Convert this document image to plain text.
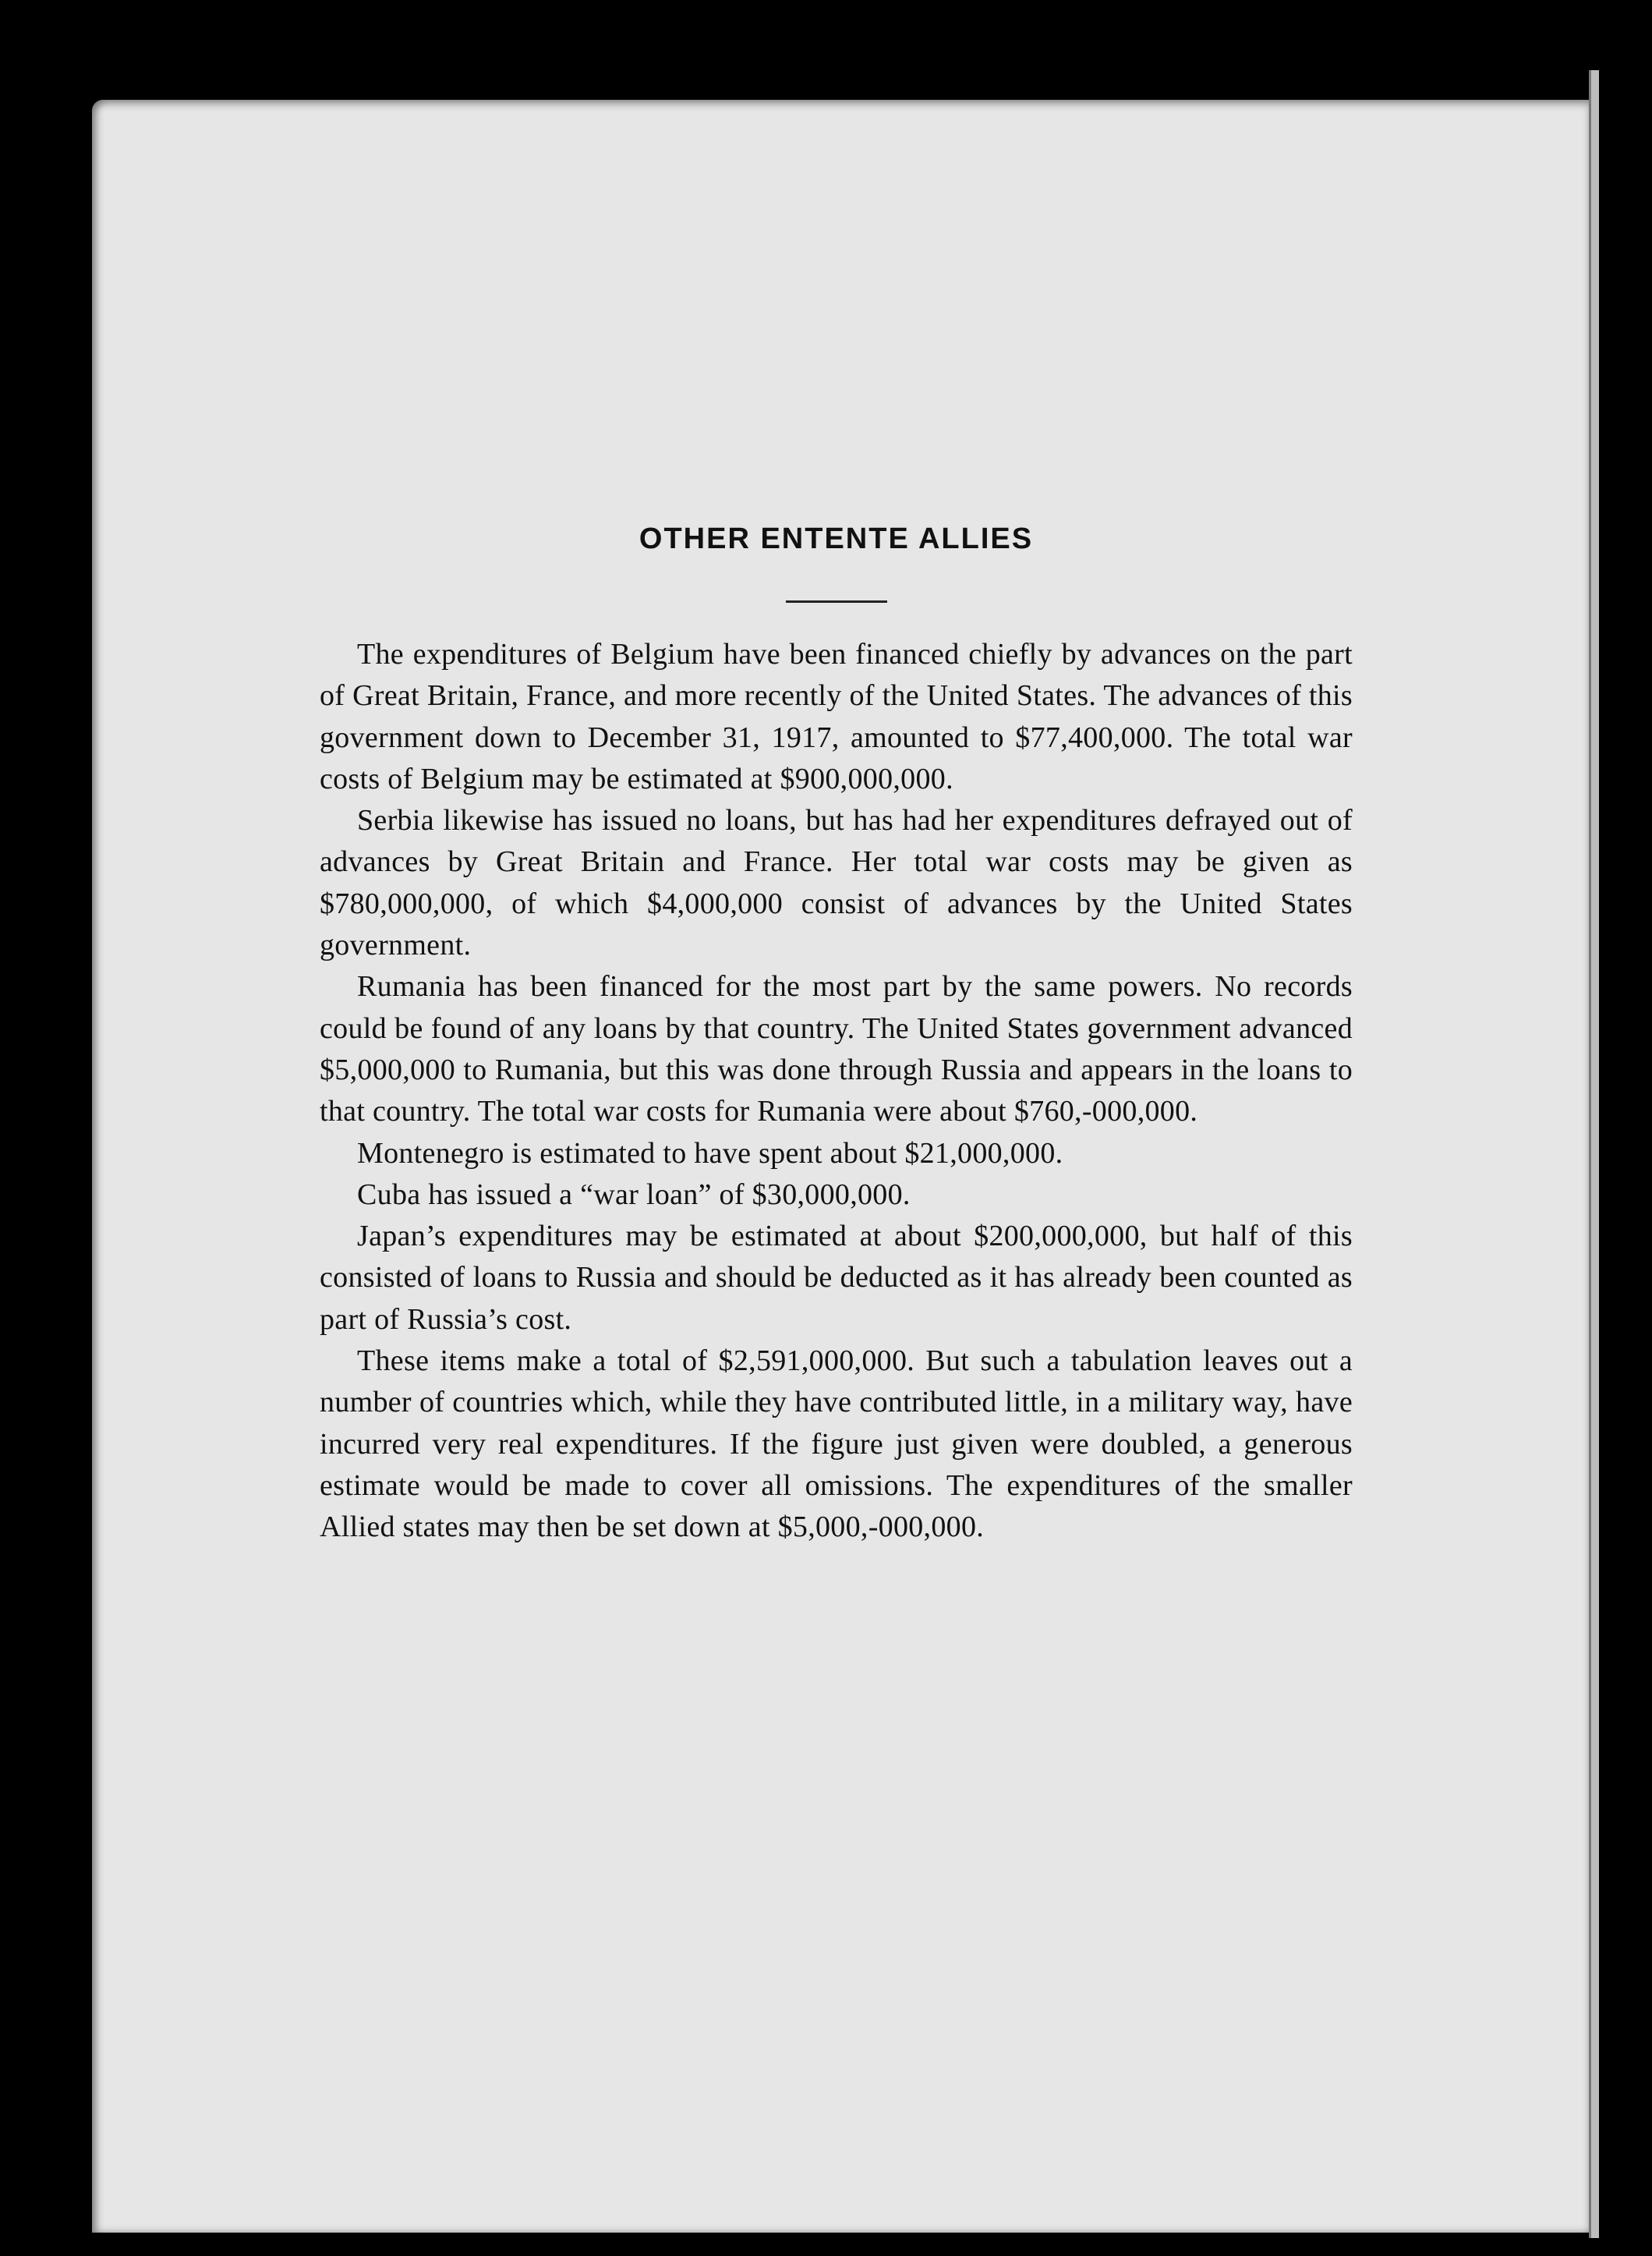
OTHER ENTENTE ALLIES

The expenditures of Belgium have been financed chiefly by advances on the part of Great Britain, France, and more recently of the United States. The advances of this government down to December 31, 1917, amounted to $77,400,000. The total war costs of Belgium may be estimated at $900,000,000.

Serbia likewise has issued no loans, but has had her expenditures defrayed out of advances by Great Britain and France. Her total war costs may be given as $780,000,000, of which $4,000,000 consist of advances by the United States government.

Rumania has been financed for the most part by the same powers. No records could be found of any loans by that country. The United States government advanced $5,000,000 to Rumania, but this was done through Russia and appears in the loans to that country. The total war costs for Rumania were about $760,-000,000.

Montenegro is estimated to have spent about $21,000,000.

Cuba has issued a “war loan” of $30,000,000.

Japan’s expenditures may be estimated at about $200,000,000, but half of this consisted of loans to Russia and should be deducted as it has already been counted as part of Russia’s cost.

These items make a total of $2,591,000,000. But such a tabulation leaves out a number of countries which, while they have contributed little, in a military way, have incurred very real expenditures. If the figure just given were doubled, a generous estimate would be made to cover all omissions. The expenditures of the smaller Allied states may then be set down at $5,000,-000,000.
